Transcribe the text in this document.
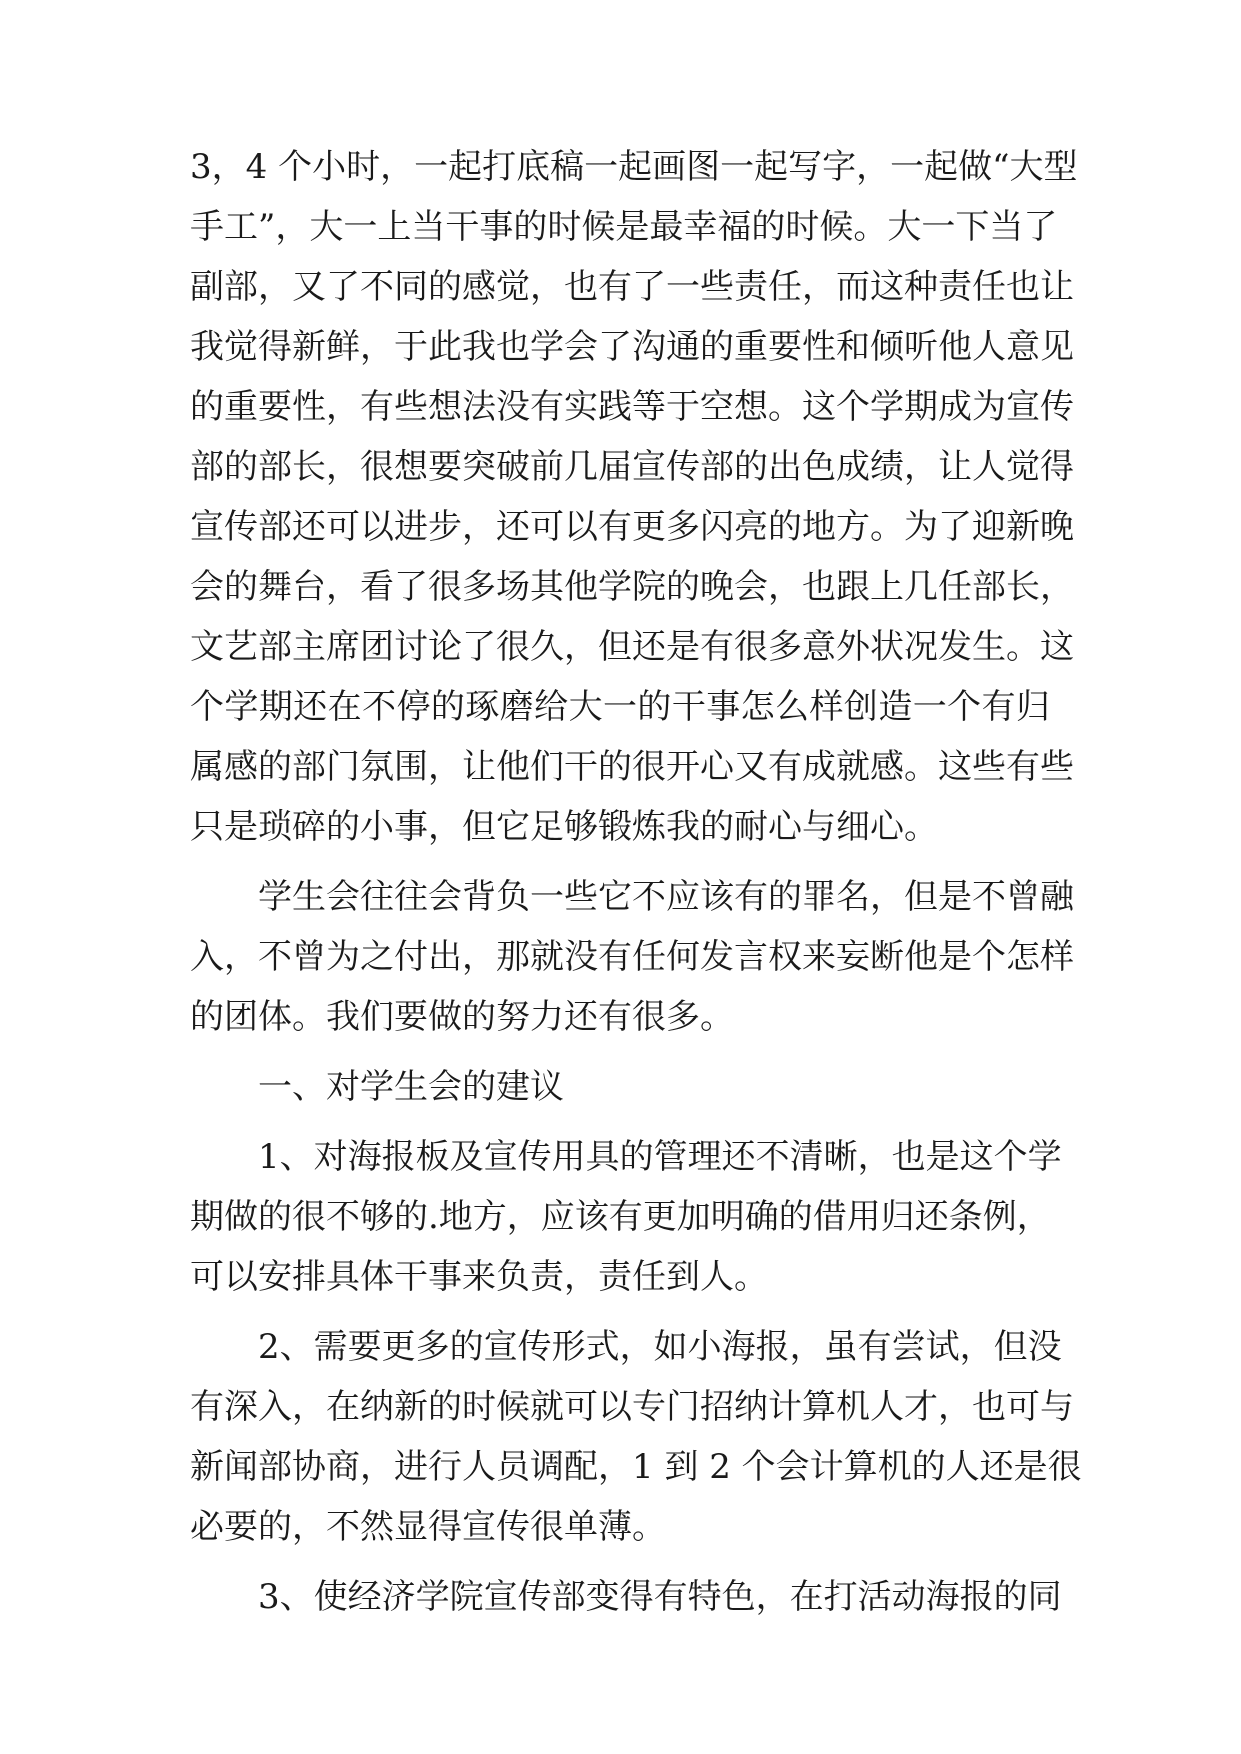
3，4 个小时，一起打底稿一起画图一起写字，一起做“大型
手工”，大一上当干事的时候是最幸福的时候。大一下当了
副部，又了不同的感觉，也有了一些责任，而这种责任也让
我觉得新鲜，于此我也学会了沟通的重要性和倾听他人意见
的重要性，有些想法没有实践等于空想。这个学期成为宣传
部的部长，很想要突破前几届宣传部的出色成绩，让人觉得
宣传部还可以进步，还可以有更多闪亮的地方。为了迎新晚
会的舞台，看了很多场其他学院的晚会，也跟上几任部长，
文艺部主席团讨论了很久，但还是有很多意外状况发生。这
个学期还在不停的琢磨给大一的干事怎么样创造一个有归
属感的部门氛围，让他们干的很开心又有成就感。这些有些
只是琐碎的小事，但它足够锻炼我的耐心与细心。
学生会往往会背负一些它不应该有的罪名，但是不曾融
入，不曾为之付出，那就没有任何发言权来妄断他是个怎样
的团体。我们要做的努力还有很多。
一、对学生会的建议
1、对海报板及宣传用具的管理还不清晰，也是这个学
期做的很不够的.地方，应该有更加明确的借用归还条例，
可以安排具体干事来负责，责任到人。
2、需要更多的宣传形式，如小海报，虽有尝试，但没
有深入，在纳新的时候就可以专门招纳计算机人才，也可与
新闻部协商，进行人员调配，1 到 2 个会计算机的人还是很
必要的，不然显得宣传很单薄。
3、使经济学院宣传部变得有特色，在打活动海报的同
